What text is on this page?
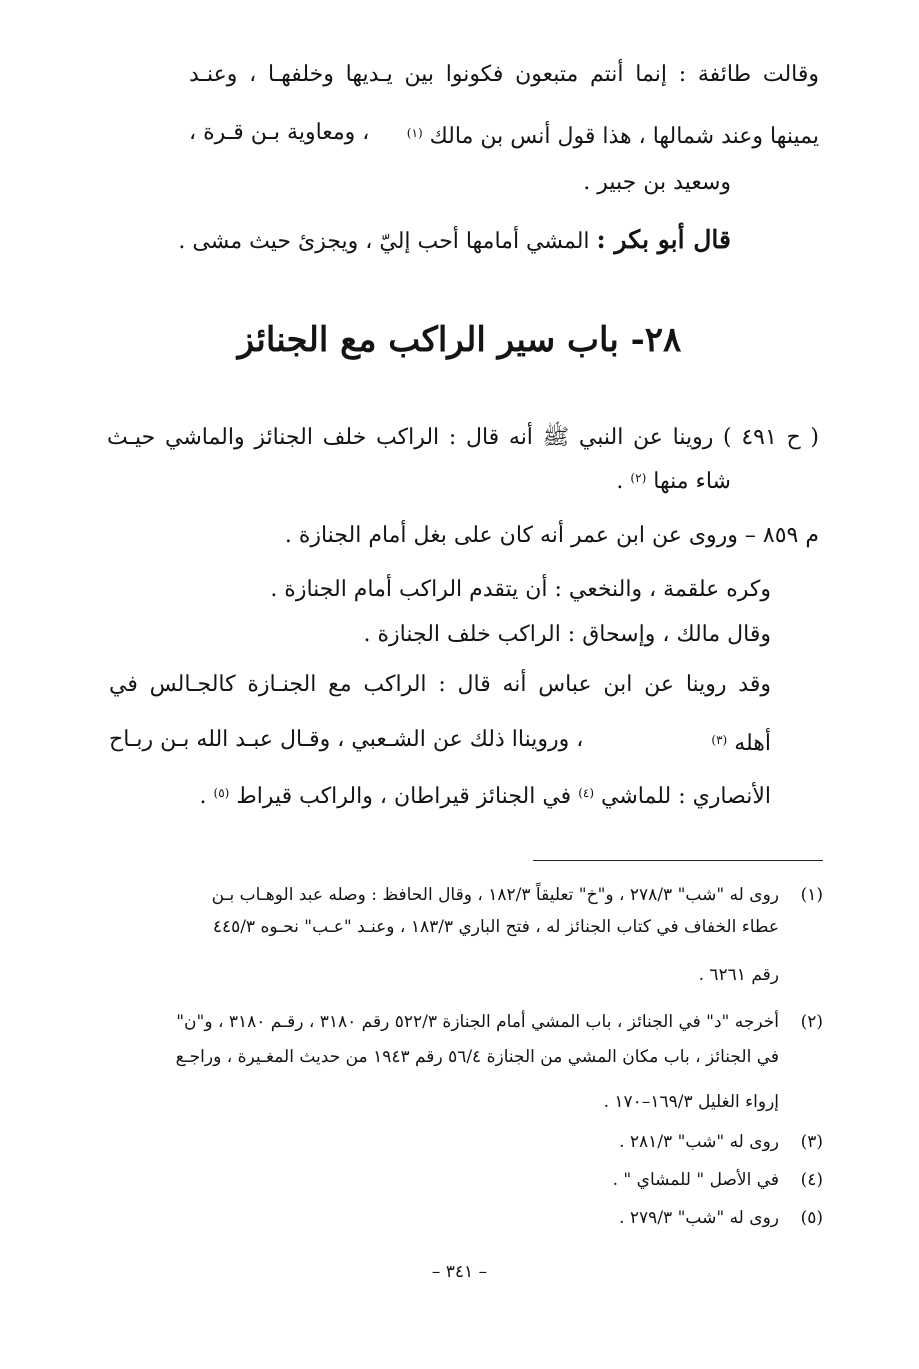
وقالت طائفة : إنما أنتم متبعون فكونوا بين يـديها وخلفهـا ، وعنـد
يمينها وعند شمالها ، هذا قول أنس بن مالك $^{(١)}$
، ومعاوية بـن قـرة ،
وسعيد بن جبير .
قال أبو بكر : المشي أمامها أحب إليّ ، ويجزئ حيث مشى .
٢٨- باب سير الراكب مع الجنائز
( ح ٤٩١ ) روينا عن النبي ﷺ أنه قال : الراكب خلف الجنائز والماشي حيـث
شاء منها $^{(٢)}$ .
م ٨٥٩ – وروى عن ابن عمر أنه كان على بغل أمام الجنازة .
وكره علقمة ، والنخعي : أن يتقدم الراكب أمام الجنازة .
وقال مالك ، وإسحاق : الراكب خلف الجنازة .
وقد روينا عن ابن عباس أنه قال : الراكب مع الجنـازة كالجـالس في
أهله $^{(٣)}$
، ورويناا ذلك عن الشـعبي ، وقـال عبـد الله بـن ربـاح
الأنصاري : للماشي $^{(٤)}$ في الجنائز قيراطان ، والراكب قيراط $^{(٥)}$ .
(١)روى له "شب" ٢٧٨/٣ ، و"خ" تعليقاً ١٨٢/٣ ، وقال الحافظ : وصله عبد الوهـاب بـن
عطاء الخفاف في كتاب الجنائز له ، فتح الباري ١٨٣/٣ ، وعنـد "عـب" نحـوه ٤٤٥/٣
رقم ٦٢٦١ .
(٢)أخرجه "د" في الجنائز ، باب المشي أمام الجنازة ٥٢٢/٣ رقم ٣١٨٠ ، رقـم ٣١٨٠ ، و"ن"
في الجنائز ، باب مكان المشي من الجنازة ٥٦/٤ رقم ١٩٤٣ من حديث المغـيرة ، وراجـع
إرواء الغليل ١٦٩/٣–١٧٠ .
(٣)روى له "شب" ٢٨١/٣ .
(٤)في الأصل " للمشاي " .
(٥)روى له "شب" ٢٧٩/٣ .
– ٣٤١ –
